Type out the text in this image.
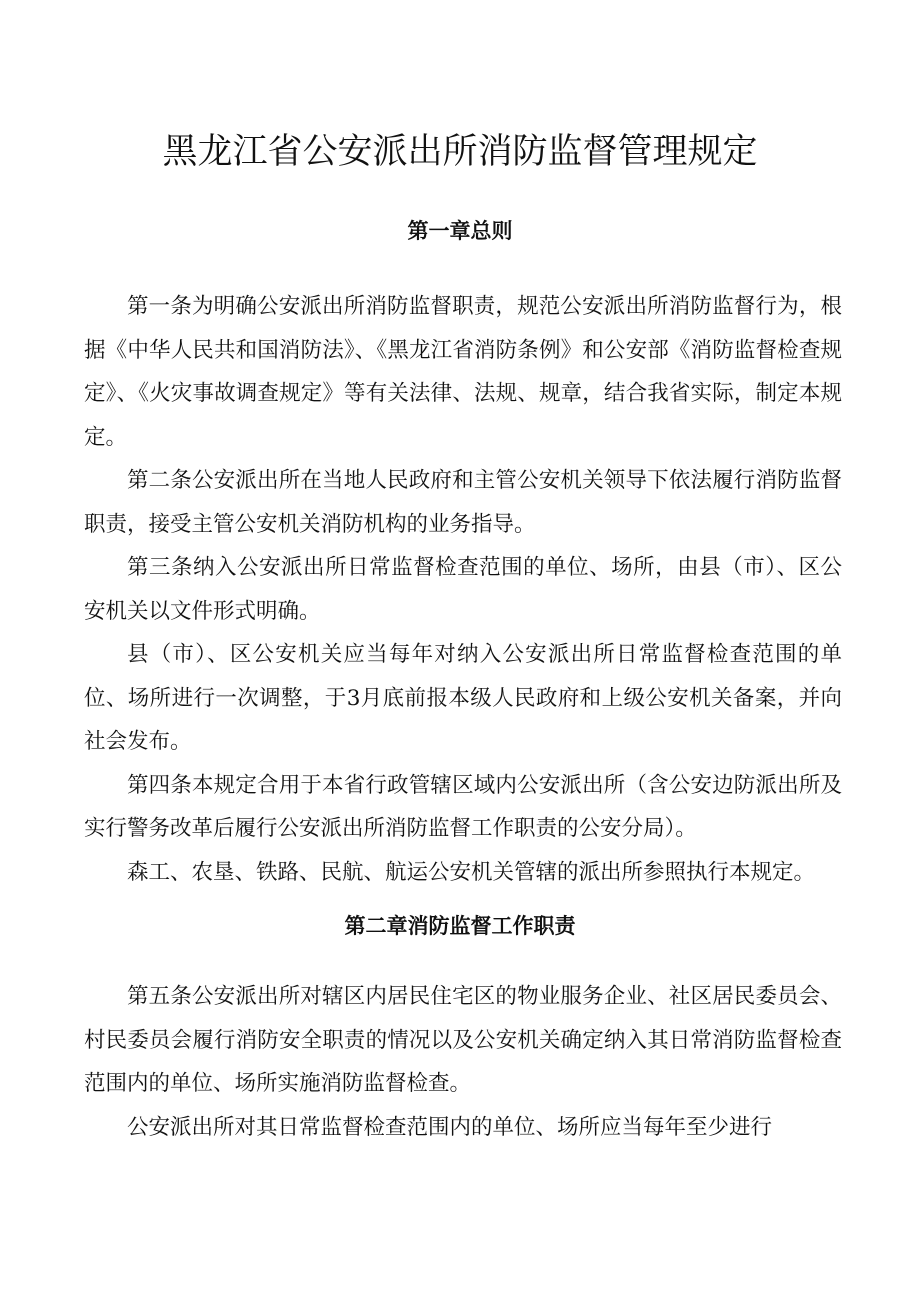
黑龙江省公安派出所消防监督管理规定
第一章总则

第一条为明确公安派出所消防监督职责，规范公安派出所消防监督行为，根据《中华人民共和国消防法》、《黑龙江省消防条例》和公安部《消防监督检查规定》、《火灾事故调查规定》等有关法律、法规、规章，结合我省实际，制定本规定。

第二条公安派出所在当地人民政府和主管公安机关领导下依法履行消防监督职责，接受主管公安机关消防机构的业务指导。

第三条纳入公安派出所日常监督检查范围的单位、场所，由县（市）、区公安机关以文件形式明确。

县（市）、区公安机关应当每年对纳入公安派出所日常监督检查范围的单位、场所进行一次调整，于3月底前报本级人民政府和上级公安机关备案，并向社会发布。

第四条本规定合用于本省行政管辖区域内公安派出所（含公安边防派出所及实行警务改革后履行公安派出所消防监督工作职责的公安分局）。

森工、农垦、铁路、民航、航运公安机关管辖的派出所参照执行本规定。

第二章消防监督工作职责

第五条公安派出所对辖区内居民住宅区的物业服务企业、社区居民委员会、村民委员会履行消防安全职责的情况以及公安机关确定纳入其日常消防监督检查范围内的单位、场所实施消防监督检查。

公安派出所对其日常监督检查范围内的单位、场所应当每年至少进行
